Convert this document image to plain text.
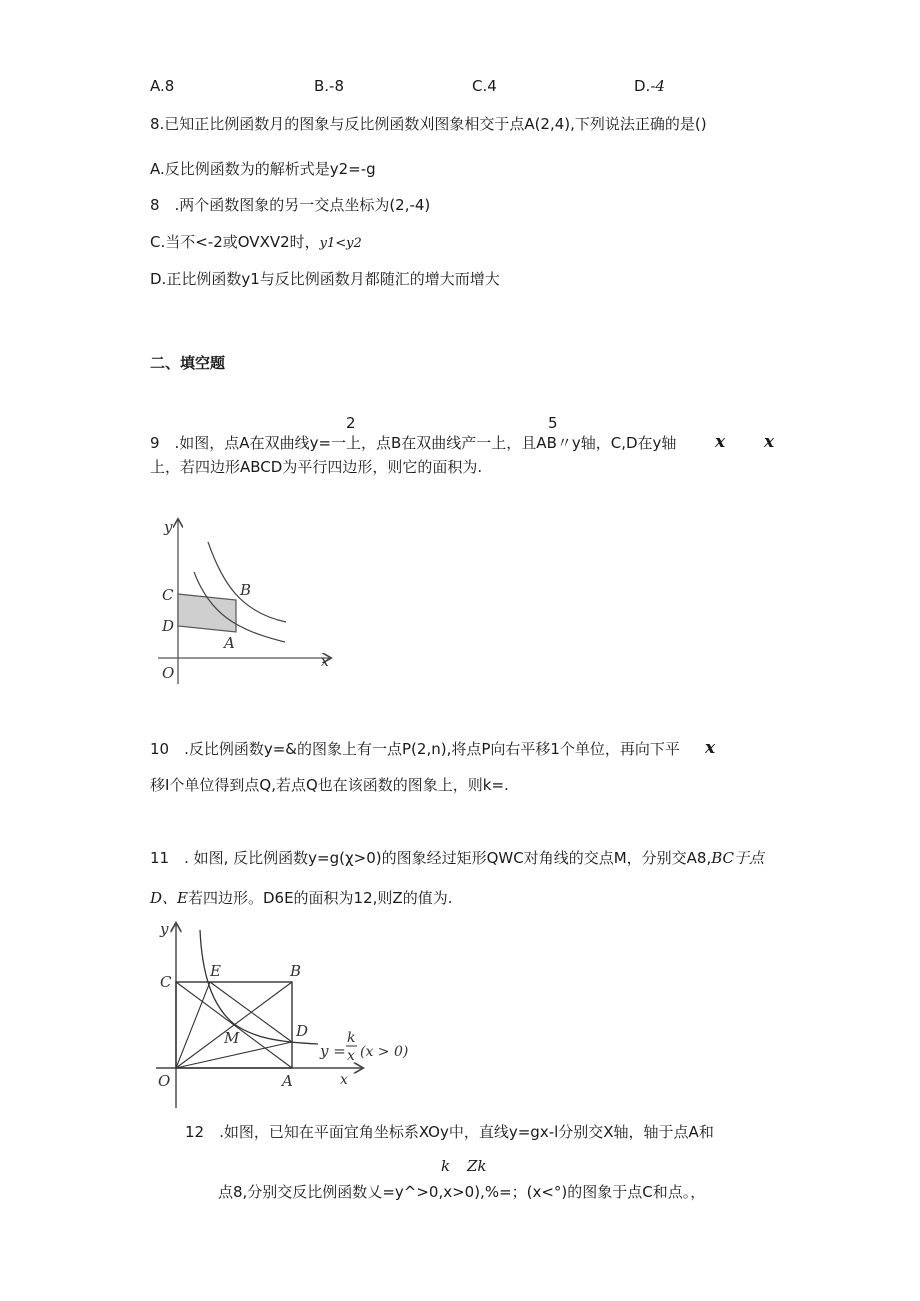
A.8	B.-8	C.4	D.-4
8.已知正比例函数月的图象与反比例函数刈图象相交于点A(2,4),下列说法正确的是()
A.反比例函数为的解析式是y2=-g
8　.两个函数图象的另一交点坐标为(2,-4)
C.当不<-2或OVXV2时，y1<y2
D.正比例函数y1与反比例函数月都随汇的增大而增大
二、填空题
2	5
9　.如图，点A在双曲线y=一上，点B在双曲线产一上，且AB〃y轴，C,D在y轴 x x
上，若四边形ABCD为平行四边形，则它的面积为.
y
C	B
D
A
O
x
10　.反比例函数y=&的图象上有一点P(2,n),将点P向右平移1个单位，再向下平 x
移I个单位得到点Q,若点Q也在该函数的图象上，则k=.
11　. 如图, 反比例函数y=g(χ>0)的图象经过矩形QWC对角线的交点M，分别交A8,BC于点
D、E若四边形。D6E的面积为12,则Z的值为.
y
C
E	B
M	D
y =
k
x (x > 0)
O	A	x
12　.如图，已知在平面宜角坐标系XOy中，直线y=gx-l分别交X轴，轴于点A和
k Zk
点8,分别交反比例函数乂=y^>0,x>0),%=；(x<°)的图象于点C和点。，
